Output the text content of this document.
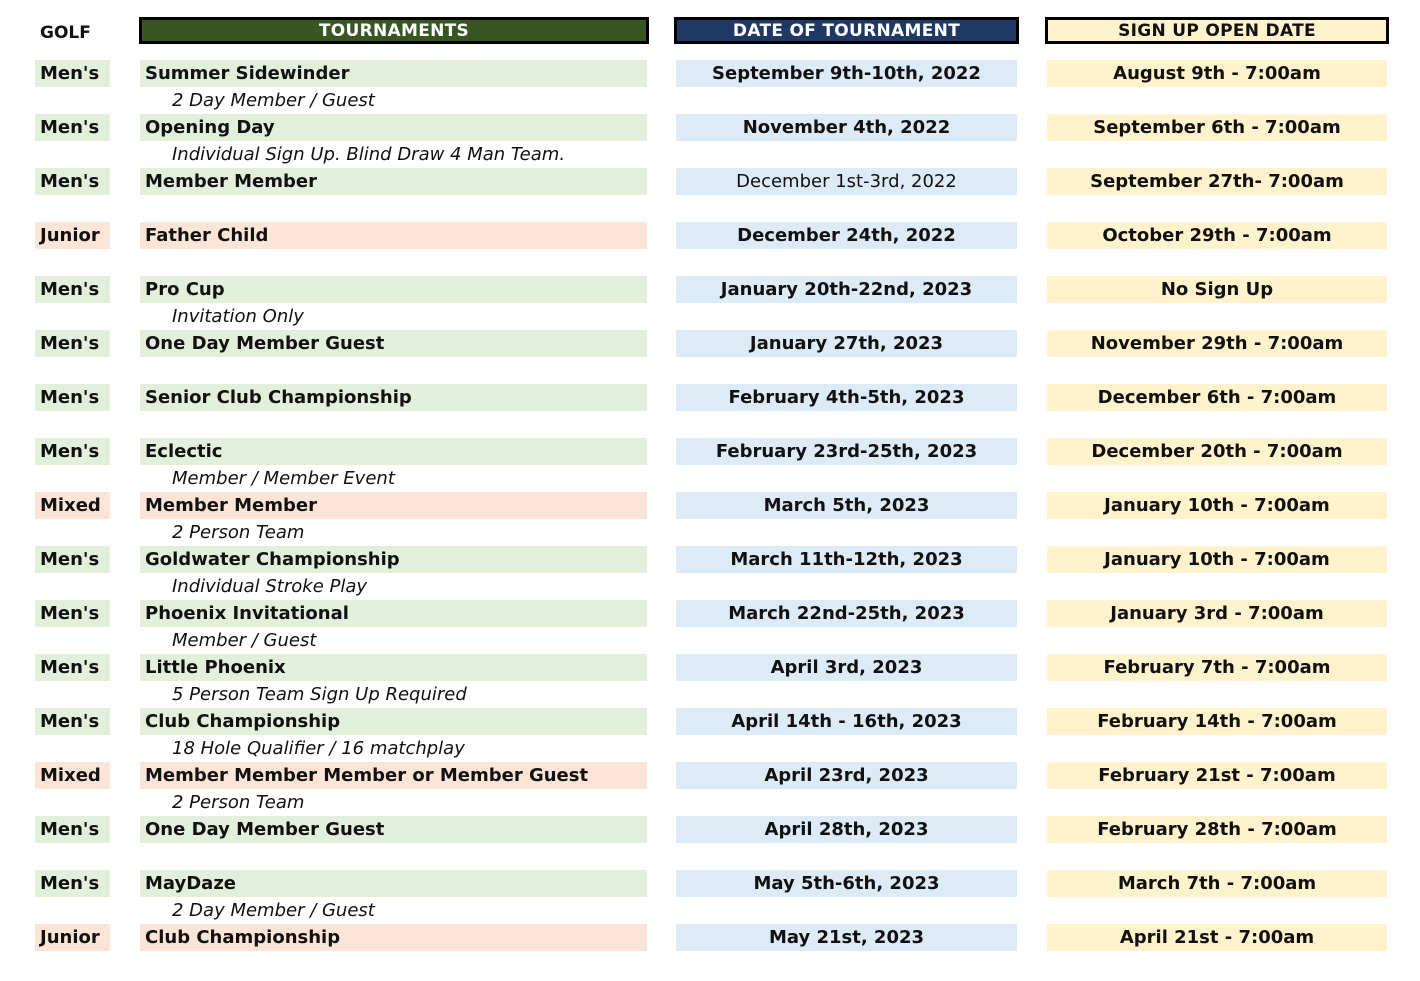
GOLF	TOURNAMENTS	DATE OF TOURNAMENT	SIGN UP OPEN DATE
Men's	Summer Sidewinder	September 9th-10th, 2022	August 9th - 7:00am
2 Day Member / Guest
Men's	Opening Day	November 4th, 2022	September 6th - 7:00am
Individual Sign Up. Blind Draw 4 Man Team.
Men's	Member Member	December 1st-3rd, 2022	September 27th- 7:00am
Junior	Father Child	December 24th, 2022	October 29th - 7:00am
Men's	Pro Cup	January 20th-22nd, 2023	No Sign Up
Invitation Only
Men's	One Day Member Guest	January 27th, 2023	November 29th - 7:00am
Men's	Senior Club Championship	February 4th-5th, 2023	December 6th - 7:00am
Men's	Eclectic	February 23rd-25th, 2023	December 20th - 7:00am
Member / Member Event
Mixed	Member Member	March 5th, 2023	January 10th - 7:00am
2 Person Team
Men's	Goldwater Championship	March 11th-12th, 2023	January 10th - 7:00am
Individual Stroke Play
Men's	Phoenix Invitational	March 22nd-25th, 2023	January 3rd - 7:00am
Member / Guest
Men's	Little Phoenix	April 3rd, 2023	February 7th - 7:00am
5 Person Team Sign Up Required
Men's	Club Championship	April 14th - 16th, 2023	February 14th - 7:00am
18 Hole Qualifier / 16 matchplay
Mixed	Member Member Member or Member Guest	April 23rd, 2023	February 21st - 7:00am
2 Person Team
Men's	One Day Member Guest	April 28th, 2023	February 28th - 7:00am
Men's	MayDaze	May 5th-6th, 2023	March 7th - 7:00am
2 Day Member / Guest
Junior	Club Championship	May 21st, 2023	April 21st - 7:00am
